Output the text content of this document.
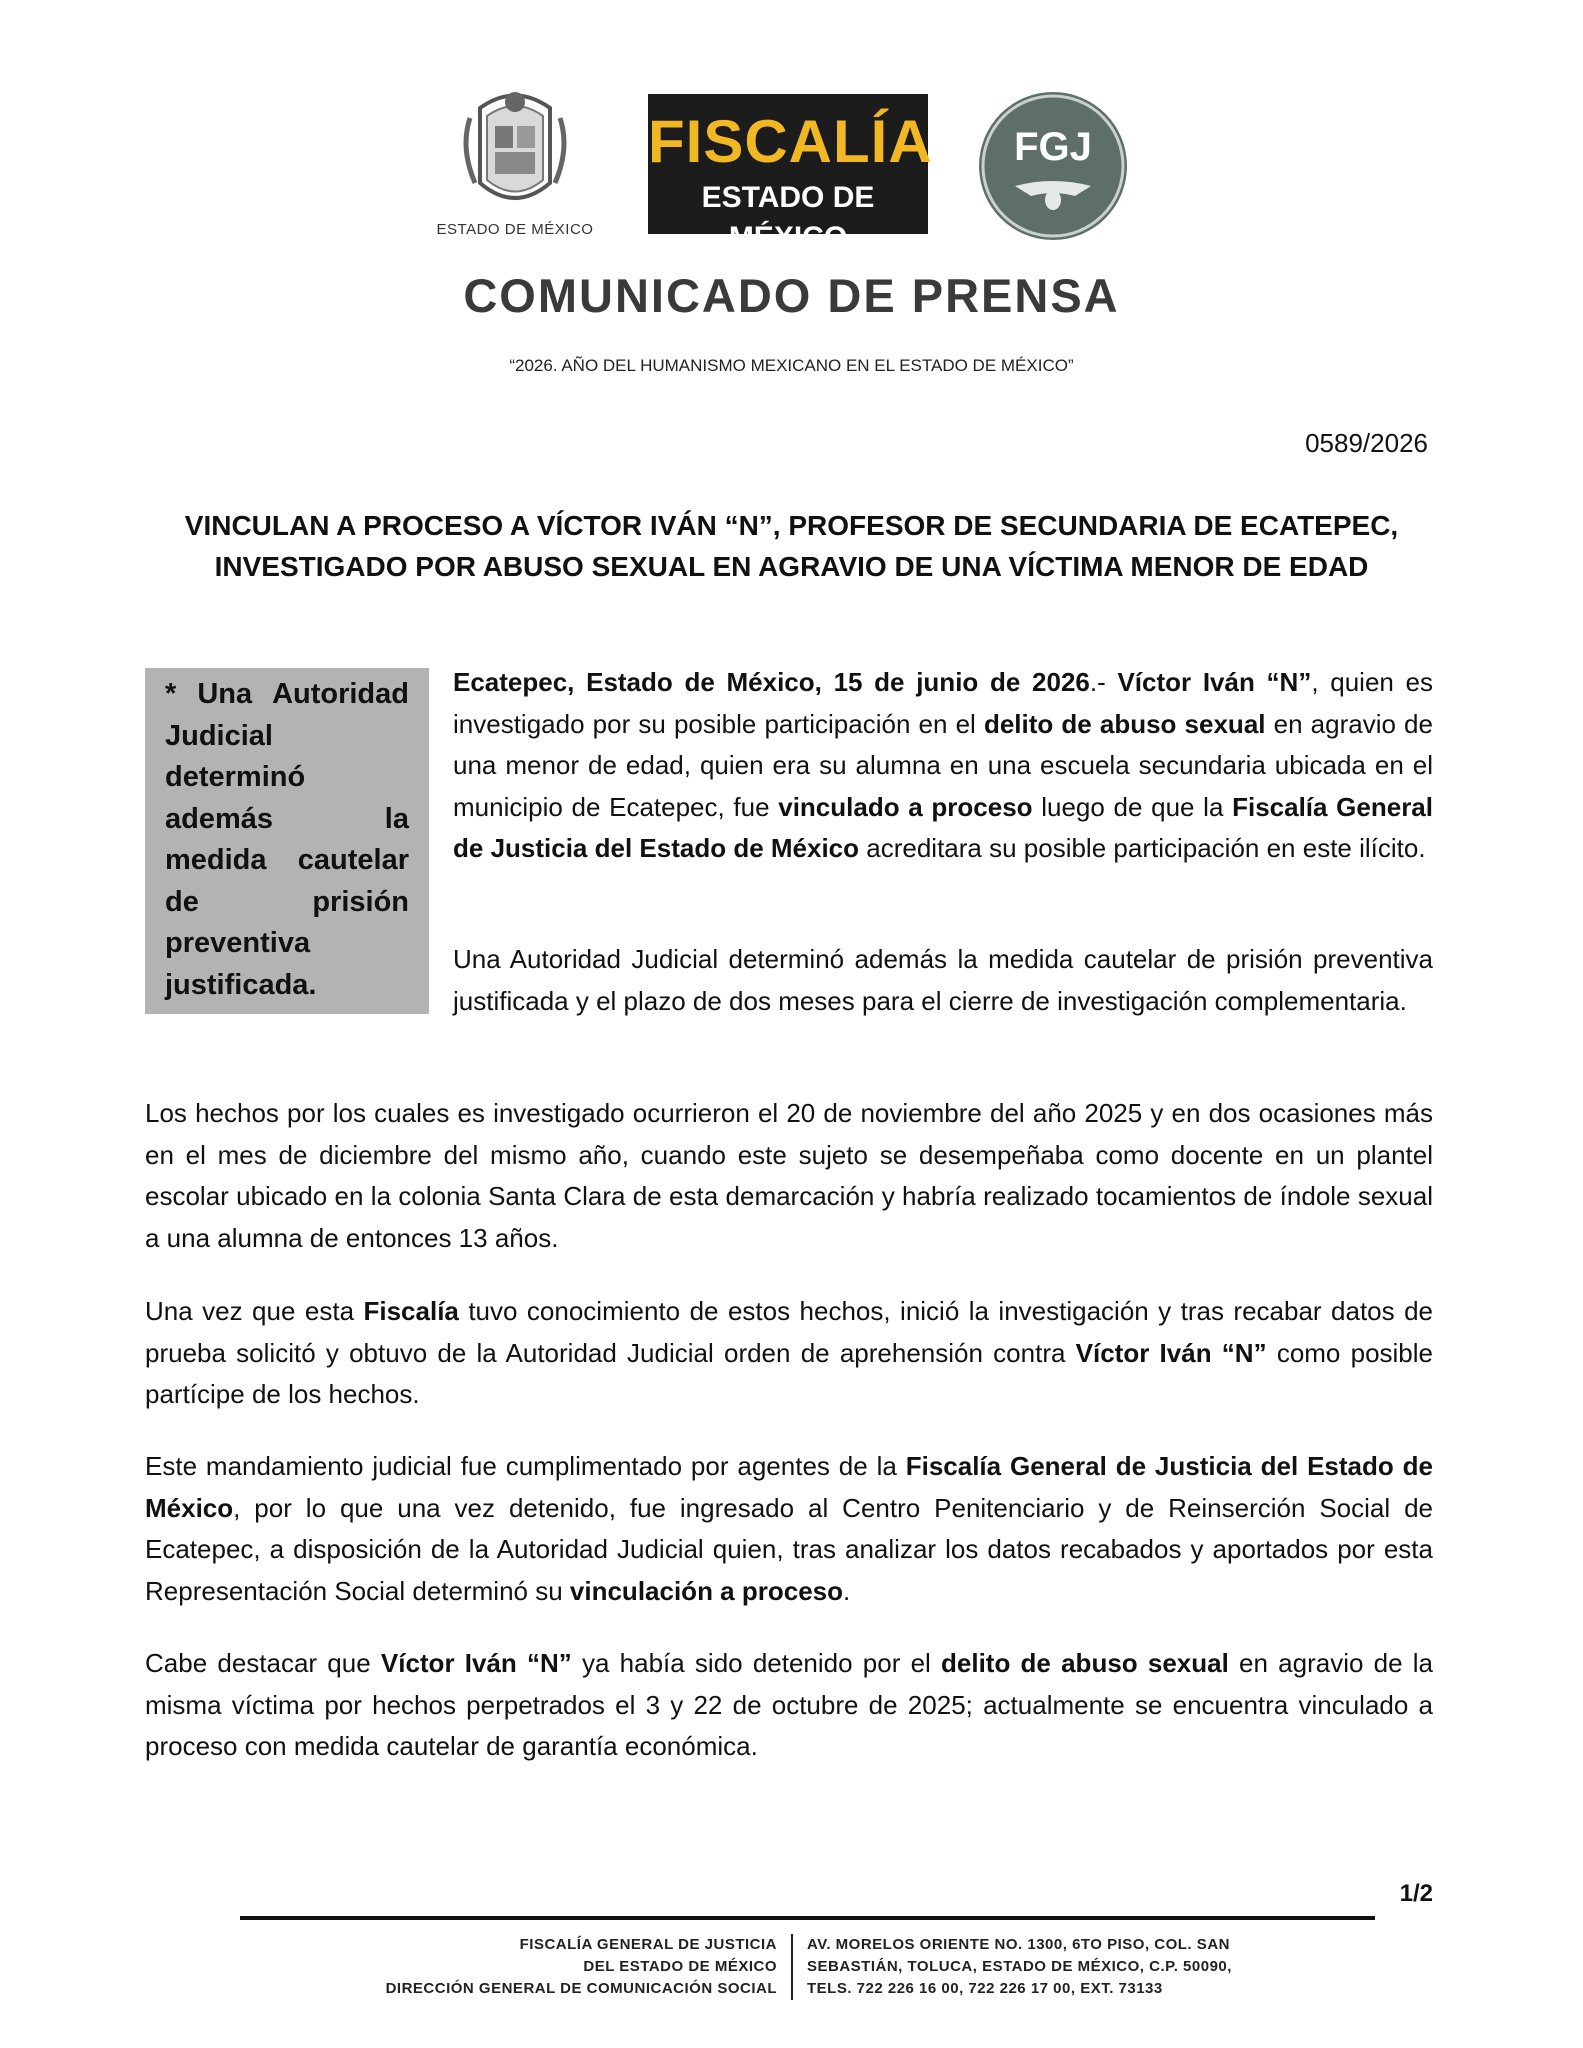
ESTADO DE MÉXICO
FISCALÍA
ESTADO DE MÉXICO
FGJ
COMUNICADO DE PRENSA
“2026. AÑO DEL HUMANISMO MEXICANO EN EL ESTADO DE MÉXICO”
0589/2026
VINCULAN A PROCESO A VÍCTOR IVÁN “N”, PROFESOR DE SECUNDARIA DE ECATEPEC, INVESTIGADO POR ABUSO SEXUAL EN AGRAVIO DE UNA VÍCTIMA MENOR DE EDAD
* Una Autoridad Judicial determinó además la medida cautelar de prisión preventiva justificada.

Ecatepec, Estado de México, 15 de junio de 2026.- Víctor Iván “N”, quien es investigado por su posible participación en el delito de abuso sexual en agravio de una menor de edad, quien era su alumna en una escuela secundaria ubicada en el municipio de Ecatepec, fue vinculado a proceso luego de que la Fiscalía General de Justicia del Estado de México acreditara su posible participación en este ilícito.

Una Autoridad Judicial determinó además la medida cautelar de prisión preventiva justificada y el plazo de dos meses para el cierre de investigación complementaria.

Los hechos por los cuales es investigado ocurrieron el 20 de noviembre del año 2025 y en dos ocasiones más en el mes de diciembre del mismo año, cuando este sujeto se desempeñaba como docente en un plantel escolar ubicado en la colonia Santa Clara de esta demarcación y habría realizado tocamientos de índole sexual a una alumna de entonces 13 años.

Una vez que esta Fiscalía tuvo conocimiento de estos hechos, inició la investigación y tras recabar datos de prueba solicitó y obtuvo de la Autoridad Judicial orden de aprehensión contra Víctor Iván “N” como posible partícipe de los hechos.

Este mandamiento judicial fue cumplimentado por agentes de la Fiscalía General de Justicia del Estado de México, por lo que una vez detenido, fue ingresado al Centro Penitenciario y de Reinserción Social de Ecatepec, a disposición de la Autoridad Judicial quien, tras analizar los datos recabados y aportados por esta Representación Social determinó su vinculación a proceso.

Cabe destacar que Víctor Iván “N” ya había sido detenido por el delito de abuso sexual en agravio de la misma víctima por hechos perpetrados el 3 y 22 de octubre de 2025; actualmente se encuentra vinculado a proceso con medida cautelar de garantía económica.

1/2
FISCALÍA GENERAL DE JUSTICIA
DEL ESTADO DE MÉXICO
DIRECCIÓN GENERAL DE COMUNICACIÓN SOCIAL
AV. MORELOS ORIENTE NO. 1300, 6TO PISO, COL. SAN
SEBASTIÁN, TOLUCA, ESTADO DE MÉXICO, C.P. 50090,
TELS. 722 226 16 00, 722 226 17 00, EXT. 73133
